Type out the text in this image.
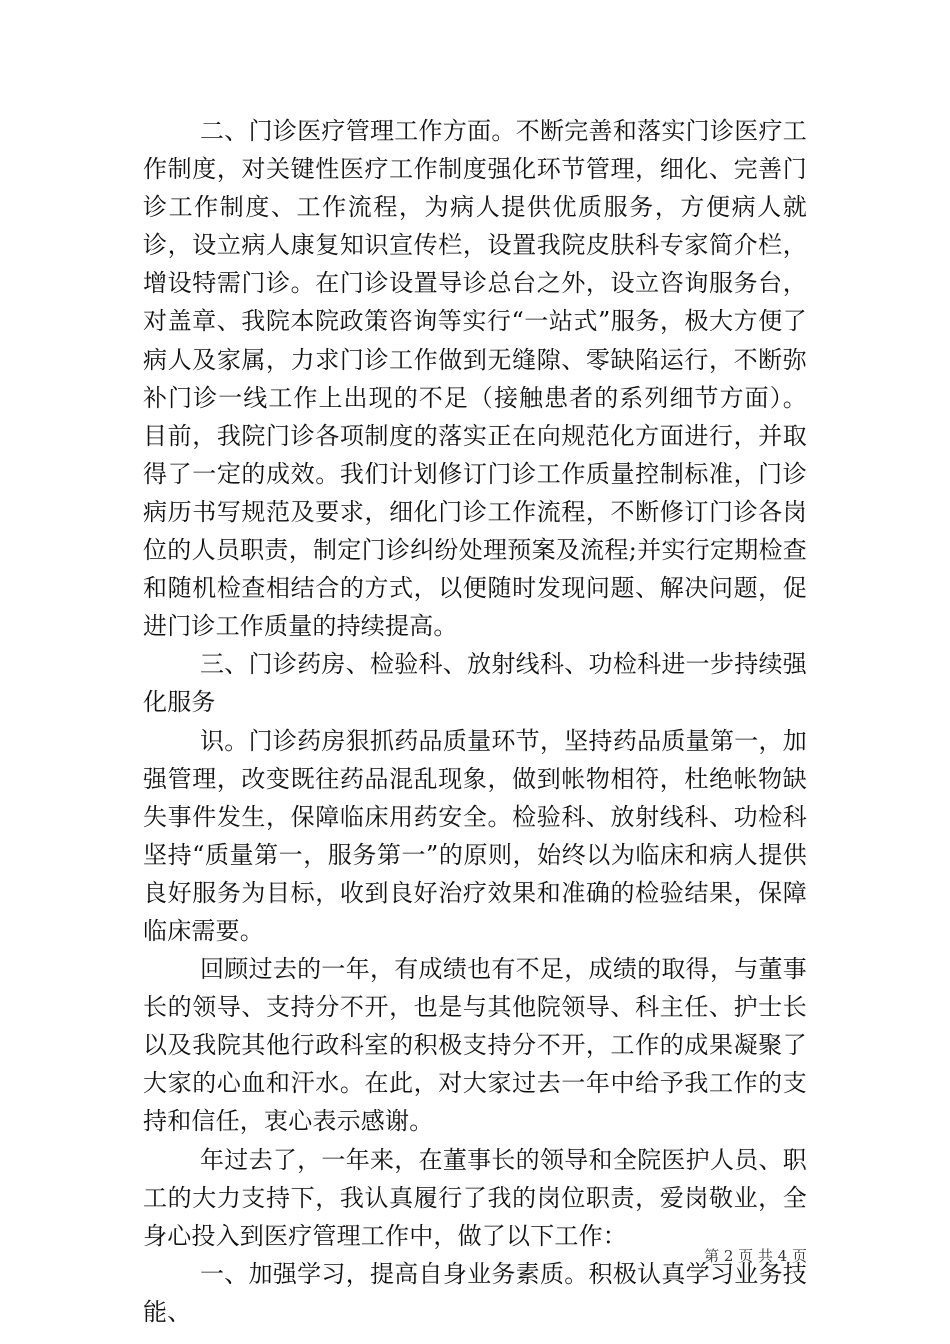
二、门诊医疗管理工作方面。不断完善和落实门诊医疗工作制度，对关键性医疗工作制度强化环节管理，细化、完善门诊工作制度、工作流程，为病人提供优质服务，方便病人就诊，设立病人康复知识宣传栏，设置我院皮肤科专家简介栏，增设特需门诊。在门诊设置导诊总台之外，设立咨询服务台，对盖章、我院本院政策咨询等实行“一站式”服务，极大方便了病人及家属，力求门诊工作做到无缝隙、零缺陷运行，不断弥补门诊一线工作上出现的不足（接触患者的系列细节方面）。目前，我院门诊各项制度的落实正在向规范化方面进行，并取得了一定的成效。我们计划修订门诊工作质量控制标准，门诊病历书写规范及要求，细化门诊工作流程，不断修订门诊各岗位的人员职责，制定门诊纠纷处理预案及流程;并实行定期检查和随机检查相结合的方式，以便随时发现问题、解决问题，促进门诊工作质量的持续提高。

三、门诊药房、检验科、放射线科、功检科进一步持续强化服务

识。门诊药房狠抓药品质量环节，坚持药品质量第一，加强管理，改变既往药品混乱现象，做到帐物相符，杜绝帐物缺失事件发生，保障临床用药安全。检验科、放射线科、功检科坚持“质量第一，服务第一”的原则，始终以为临床和病人提供良好服务为目标，收到良好治疗效果和准确的检验结果，保障临床需要。

回顾过去的一年，有成绩也有不足，成绩的取得，与董事长的领导、支持分不开，也是与其他院领导、科主任、护士长以及我院其他行政科室的积极支持分不开，工作的成果凝聚了大家的心血和汗水。在此，对大家过去一年中给予我工作的支持和信任，衷心表示感谢。

年过去了，一年来，在董事长的领导和全院医护人员、职工的大力支持下，我认真履行了我的岗位职责，爱岗敬业，全身心投入到医疗管理工作中，做了以下工作：

一、加强学习，提高自身业务素质。积极认真学习业务技能、

第 2 页 共 4 页
